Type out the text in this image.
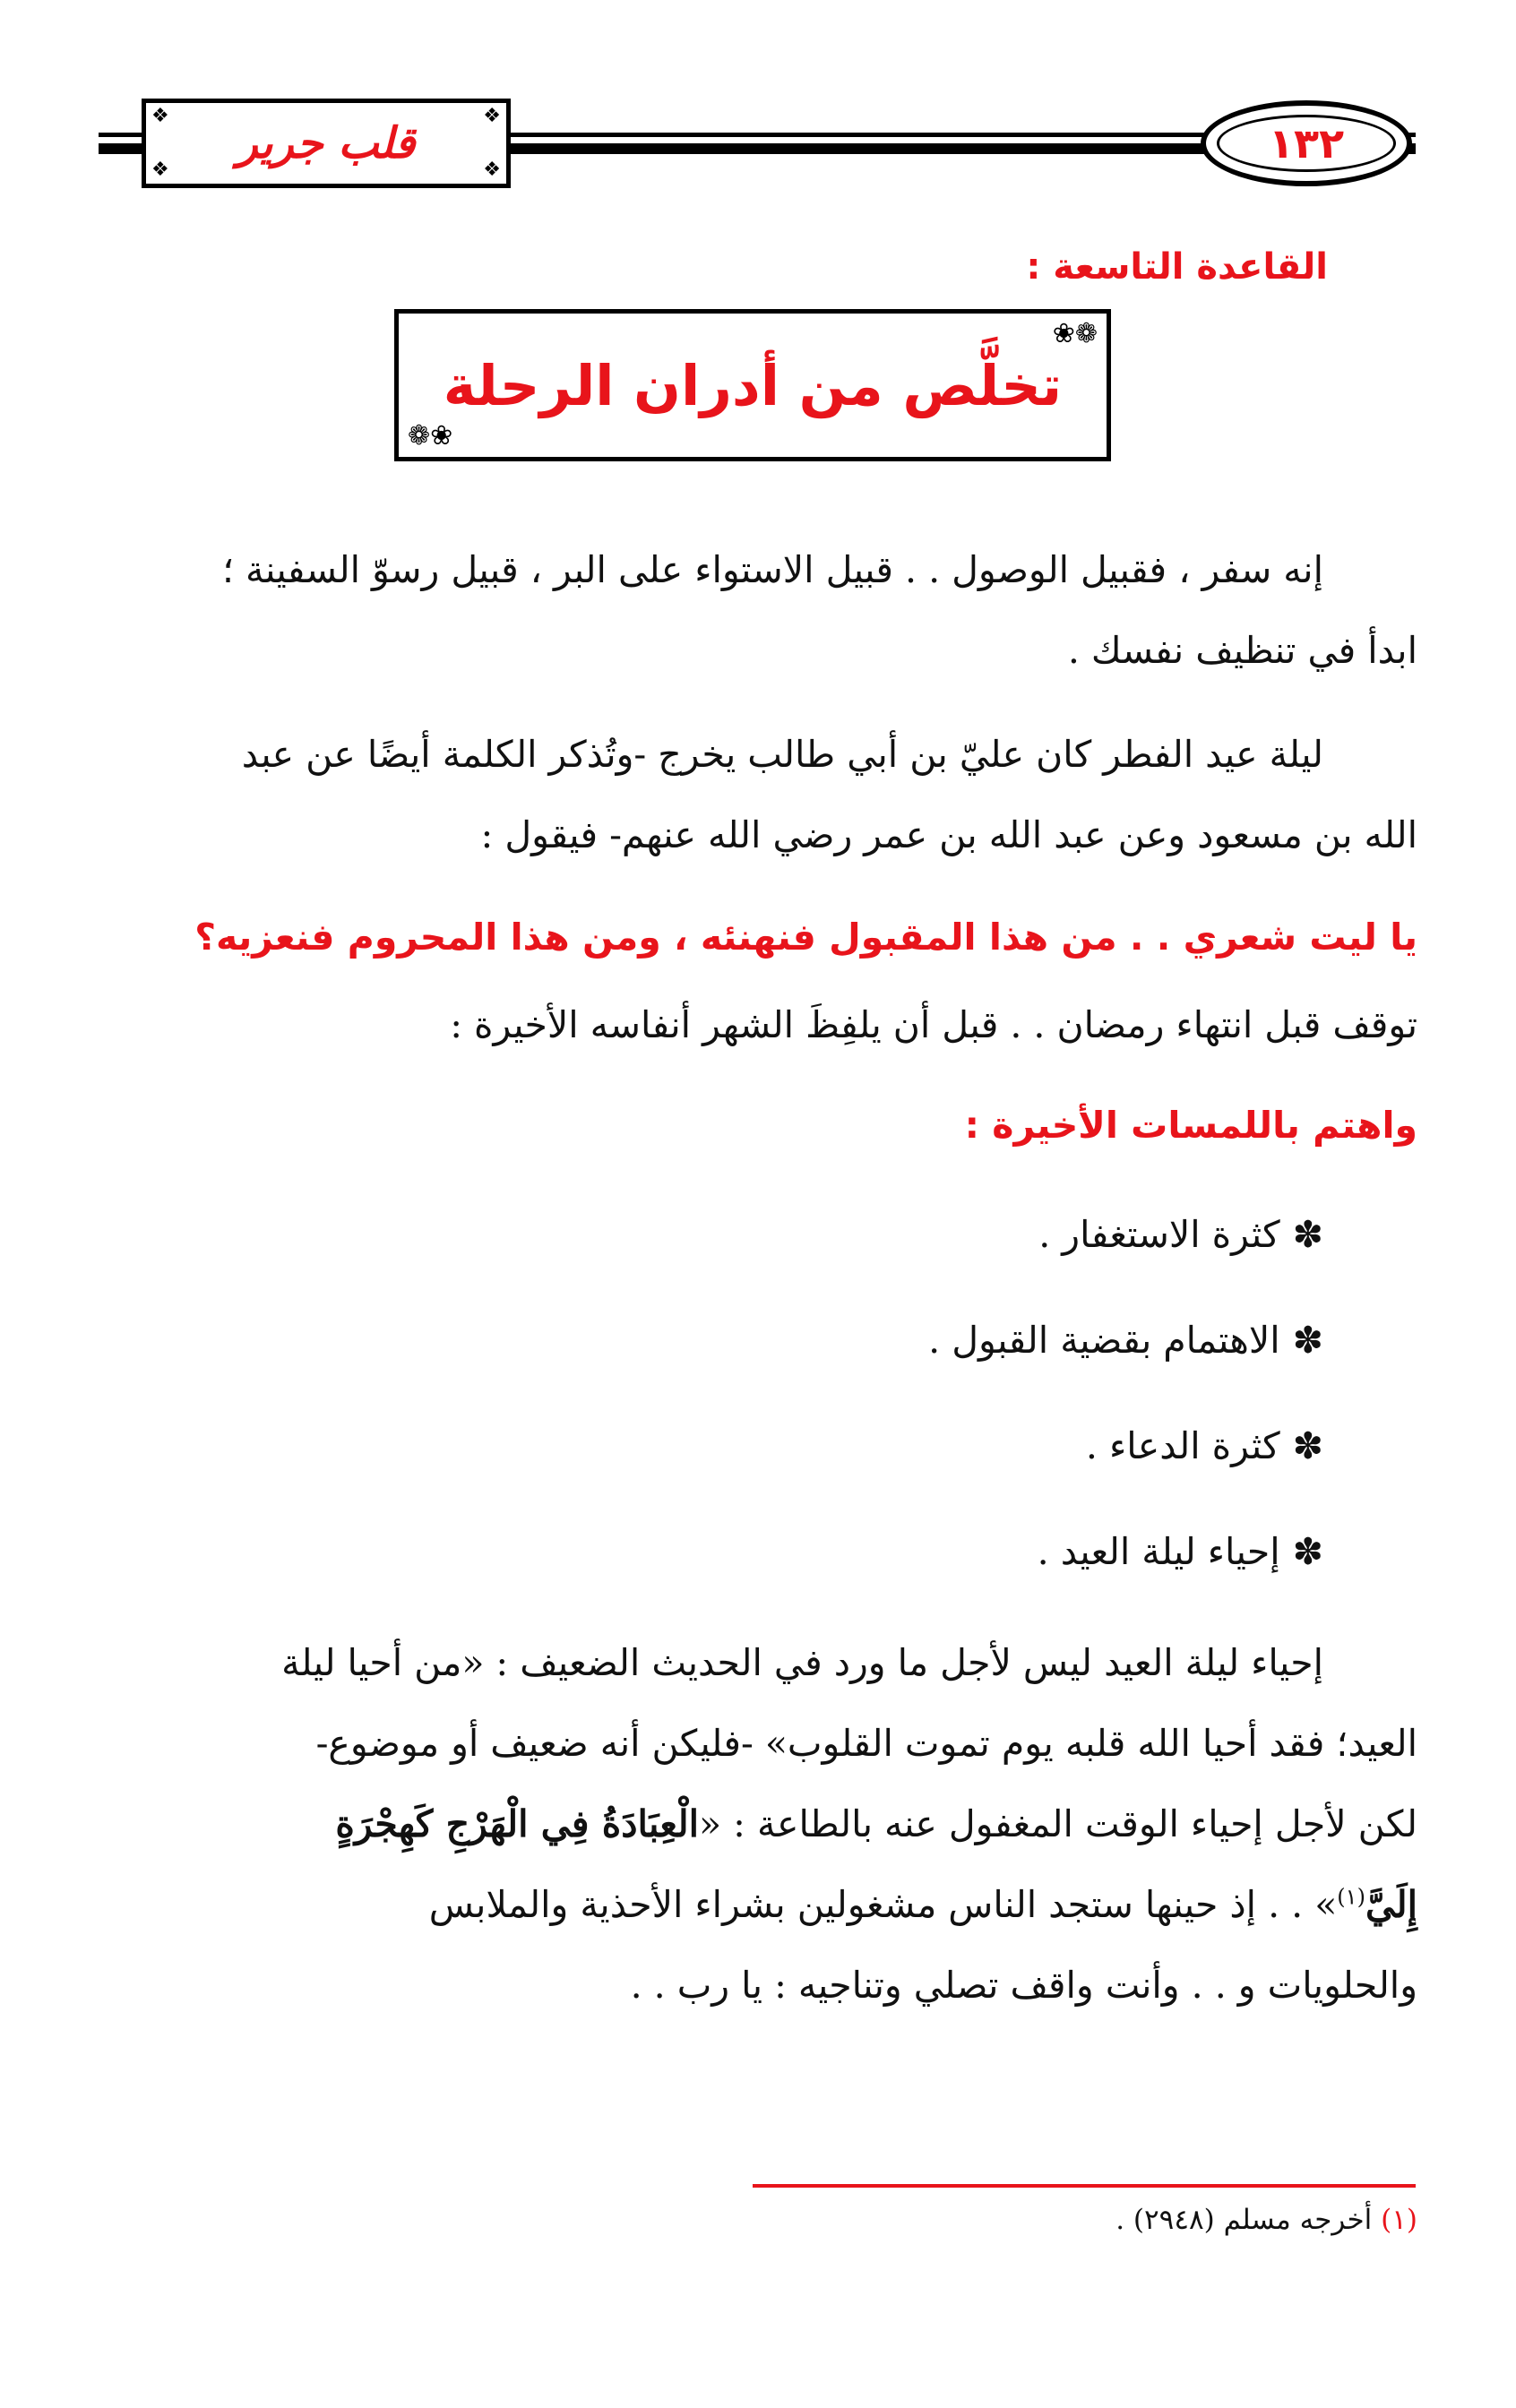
❖	❖
❖	❖
قلب جرير	١٣٢
القاعدة التاسعة :
❀❁
❁❀
تخلَّص من أدران الرحلة
إنه سفر ، فقبيل الوصول . . قبيل الاستواء على البر ، قبيل رسوّ السفينة ؛
ابدأ في تنظيف نفسك .
ليلة عيد الفطر كان عليّ بن أبي طالب يخرج -وتُذكر الكلمة أيضًا عن عبد
الله بن مسعود وعن عبد الله بن عمر رضي الله عنهم- فيقول :
يا ليت شعري . . من هذا المقبول فنهنئه ، ومن هذا المحروم فنعزيه؟
توقف قبل انتهاء رمضان . . قبل أن يلفِظَ الشهر أنفاسه الأخيرة :
واهتم باللمسات الأخيرة :
✽كثرة الاستغفار .
✽الاهتمام بقضية القبول .
✽كثرة الدعاء .
✽إحياء ليلة العيد .
إحياء ليلة العيد ليس لأجل ما ورد في الحديث الضعيف : «من أحيا ليلة
العيد؛ فقد أحيا الله قلبه يوم تموت القلوب» -فليكن أنه ضعيف أو موضوع-
لكن لأجل إحياء الوقت المغفول عنه بالطاعة : «الْعِبَادَةُ فِي الْهَرْجِ كَهِجْرَةٍ
إِلَيَّ$^{(١)}$» . . إذ حينها ستجد الناس مشغولين بشراء الأحذية والملابس
والحلويات و . . وأنت واقف تصلي وتناجيه : يا رب . .
(١) أخرجه مسلم (٢٩٤٨) .
